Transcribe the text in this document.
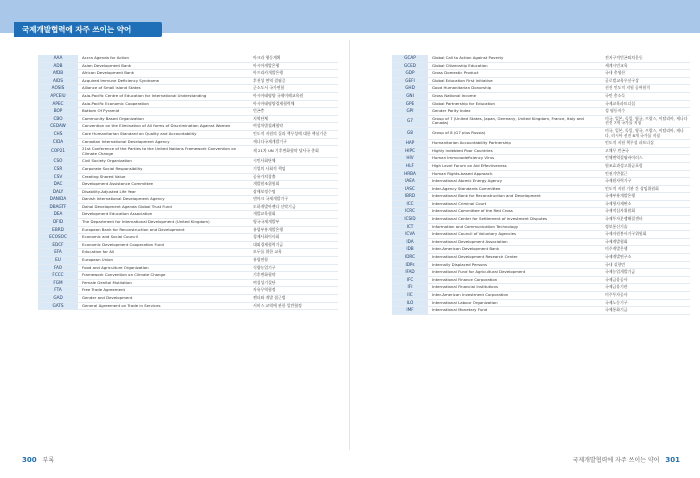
국제개발협력에 자주 쓰이는 약어
AAA	Accra Agenda for Action	아크라 행동계획
ADB	Asian Development Bank	아시아개발은행
AfDB	African Development Bank	아프리카개발은행
AIDS	Acquired Immune Deficiency Syndrome	후천성 면역 결핍증
AOSIS	Alliance of Small Island States	군소도서 국가연합
APCEIU	Asia-Pacific Centre of Education for International Understanding	아시아태평양 국제이해교육원
APEC	Asia-Pacific Economic Cooperation	아시아태평양경제협력체
BOP	Bottom Of Pyramid	빈곤층
CBO	Community Based Organization	지역단체
CEDAW	Convention on the Elimination of All forms of Discrimination Against Women	여성차별철폐협약
CHS	Core Humanitarian Standard on Quality and Accountability	인도적 지원의 질과 책무성에 대한 핵심기준
CIDA	Canadian International Development Agency	캐나다국제개발기구
COP21	21st Conference of the Parties to the United Nations Framework Convention on Climate Change	제 21차 UN 기후변화협약 당사국 총회
CSO	Civil Society Organization	시민사회단체
CSR	Corporate Social Responsibility	기업의 사회적 책임
CSV	Creating Shared Value	공유가치창출
DAC	Development Assistance Committee	개발원조위원회
DALY	Disability-Adjusted Life Year	장애보정수명
DANIDA	Danish International Development Agency	덴마크 국제개발기구
DBAGTF	Dohal Development Agenda Global Trust Fund	도하개발아젠다 신탁기금
DEA	Development Education Association	개발교육협회
DFID	The Department for International Development (United Kingdom)	영국국제개발부
EBRD	European Bank for Reconstruction and Development	유럽부흥개발은행
ECOSOC	Economic and Social Council	경제사회이사회
EDCF	Economic Development Cooperation Fund	대외경제협력기금
EFA	Education for All	모두를 위한 교육
EU	European Union	유럽연합
FAO	Food and Agriculture Organization	식량농업기구
FCCC	Framework Convention on Climate Change	기후변화협약
FGM	Female Genital Mutilation	여성성기절단
FTA	Free Trade Agreement	자유무역협정
GAD	Gender and Development	젠더와 개발 접근법
GATS	General Agreement on Trade in Services	서비스 교역에 관한 일반협정
GCAP	Global Call to Action Against Poverty	전지구적빈곤퇴치운동
GCED	Global Citizenship Education	세계시민교육
GDP	Gross Domestic Product	국내 총생산
GEFI	Global Education First Initiative	글로벌교육우선구상
GHD	Good Humanitarian Donorship	선진 인도적 지원 공여원칙
GNI	Gross National Income	국민 총소득
GPE	Global Partnership for Education	국제교육파트너십
GPI	Gender Parity Index	성 평등지수
G7	Group of 7 (United States, Japan, Germany, United Kingdom, France, Italy and Canada)	미국, 일본, 독일, 영국, 프랑스, 이탈리아, 캐나다 선진 7개 국가를 지칭
G8	Group of 8 (G7 plus Russia)	미국, 일본, 독일, 영국, 프랑스, 이탈리아, 캐나다, 러시아 선진 8개 국가를 지칭
HAP	Humanitarian Accountability Partnership	인도적 지원 책무성 파트너십
HIPC	Highly Indebted Poor Countries	고채무 빈곤국
HIV	Human Immunodeficiency Virus	인체면역결핍바이러스
HLF	High Level Forum on Aid Effectiveness	원조효과성고위급포럼
HRBA	Human Rights-based Approach	인권기반접근
IAEA	International Atomic Energy Agency	국제원자력기구
IASC	Inter-Agency Standards Committee	인도적 지원 기관 간 상임위원회
IBRD	International Bank for Reconstruction and Development	국제부흥개발은행
ICC	International Criminal Court	국제형사재판소
ICRC	International Committee of the Red Cross	국제적십자위원회
ICSID	International Center for Settlement of Investment Disputes	국제투자분쟁해결센터
ICT	Information and Communication Technology	정보통신기술
ICVA	International Council of Voluntary Agencies	국제자원봉사기구위원회
IDA	International Development Association	국제개발협회
IDB	Inter-American Development Bank	미주개발은행
IDRC	International Development Research Center	국제개발연구소
IDPs	Internally Displaced Persons	국내 실향민
IFAD	International Fund for Agricultural Development	국제농업개발기금
IFC	International Finance Corporation	국제금융공사
IFI	International Financial Institutions	국제금융기관
IIC	Inter-American Investment Corporation	미주투자공사
ILO	International Labour Organization	국제노동기구
IMF	International Monetary Fund	국제통화기금
300 부록	국제개발협력에 자주 쓰이는 약어 301
